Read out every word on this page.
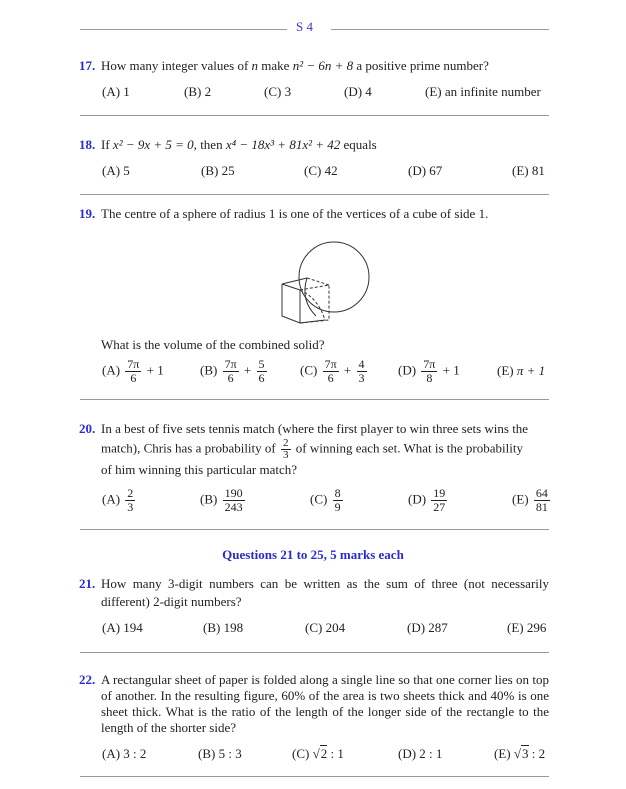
S 4
17. How many integer values of n make n² − 6n + 8 a positive prime number?
(A) 1	(B) 2	(C) 3	(D) 4	(E) an infinite number
18. If x² − 9x + 5 = 0, then x⁴ − 18x³ + 81x² + 42 equals
(A) 5	(B) 25	(C) 42	(D) 67	(E) 81
19. The centre of a sphere of radius 1 is one of the vertices of a cube of side 1.
What is the volume of the combined solid?
$(A) \frac{7\pi}{6} + 1$	$(B) \frac{7\pi}{6} + \frac{5}{6}$	$(C) \frac{7\pi}{6} + \frac{4}{3} (D) \frac{7\pi}{8} + 1$	(E) π + 1
20. In a best of five sets tennis match (where the first player to win three sets wins the
match), Chris has a probability of $\frac{2}{3}$ of winning each set. What is the probability
of him winning this particular match?
$(A) \frac{2}{3}$	$(B) \frac{190}{243}$	$(C) \frac{8}{9}$	$(D) \frac{19}{27}$	$(E) \frac{64}{81}$
Questions 21 to 25, 5 marks each
21. How many 3-digit numbers can be written as the sum of three (not necessarily different) 2-digit numbers?
(A) 194	(B) 198	(C) 204	(D) 287	(E) 296
22. A rectangular sheet of paper is folded along a single line so that one corner lies on top of another. In the resulting figure, 60% of the area is two sheets thick and 40% is one sheet thick. What is the ratio of the length of the longer side of the rectangle to the length of the shorter side?
(A) 3 : 2	(B) 5 : 3	(C) √2 : 1	(D) 2 : 1	(E) √3 : 2
